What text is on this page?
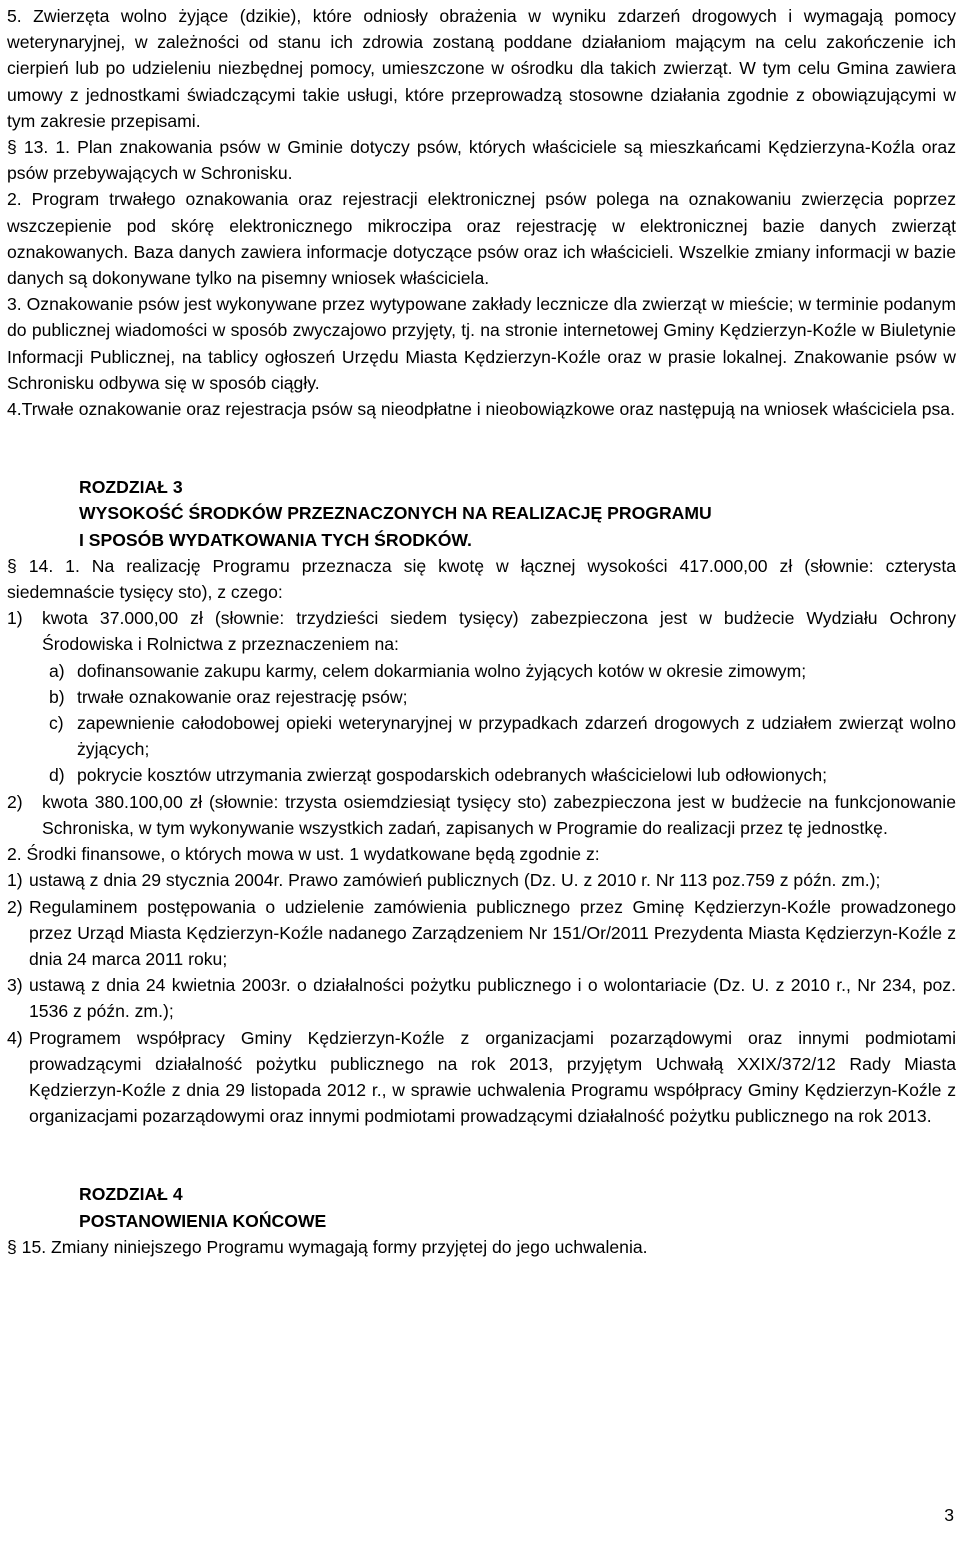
5. Zwierzęta wolno żyjące (dzikie), które odniosły obrażenia w wyniku zdarzeń drogowych i wymagają pomocy weterynaryjnej, w zależności od stanu ich zdrowia zostaną poddane działaniom mającym na celu zakończenie ich cierpień lub po udzieleniu niezbędnej pomocy, umieszczone w ośrodku dla takich zwierząt. W tym celu Gmina zawiera umowy z jednostkami świadczącymi takie usługi, które przeprowadzą stosowne działania zgodnie z obowiązującymi w tym zakresie przepisami.

§ 13. 1. Plan znakowania psów w Gminie dotyczy psów, których właściciele są mieszkańcami Kędzierzyna-Koźla oraz psów przebywających w Schronisku.

2. Program trwałego oznakowania oraz rejestracji elektronicznej psów polega na oznakowaniu zwierzęcia poprzez wszczepienie pod skórę elektronicznego mikroczipa oraz rejestrację w elektronicznej bazie danych zwierząt oznakowanych. Baza danych zawiera informacje dotyczące psów oraz ich właścicieli. Wszelkie zmiany informacji w bazie danych są dokonywane tylko na pisemny wniosek właściciela.

3. Oznakowanie psów jest wykonywane przez wytypowane zakłady lecznicze dla zwierząt w mieście; w terminie podanym do publicznej wiadomości w sposób zwyczajowo przyjęty, tj. na stronie internetowej Gminy Kędzierzyn-Koźle w Biuletynie Informacji Publicznej, na tablicy ogłoszeń Urzędu Miasta Kędzierzyn-Koźle oraz w prasie lokalnej. Znakowanie psów w Schronisku odbywa się w sposób ciągły.

4.Trwałe oznakowanie oraz rejestracja psów są nieodpłatne i nieobowiązkowe oraz następują na wniosek właściciela psa.

ROZDZIAŁ 3
WYSOKOŚĆ ŚRODKÓW PRZEZNACZONYCH NA REALIZACJĘ PROGRAMU
I SPOSÓB WYDATKOWANIA TYCH ŚRODKÓW.

§ 14. 1. Na realizację Programu przeznacza się kwotę w łącznej wysokości 417.000,00 zł (słownie: czterysta siedemnaście tysięcy sto), z czego:

1) kwota 37.000,00 zł (słownie: trzydzieści siedem tysięcy) zabezpieczona jest w budżecie Wydziału Ochrony Środowiska i Rolnictwa z przeznaczeniem na:
a) dofinansowanie zakupu karmy, celem dokarmiania wolno żyjących kotów w okresie zimowym;
b) trwałe oznakowanie oraz rejestrację psów;
c) zapewnienie całodobowej opieki weterynaryjnej w przypadkach zdarzeń drogowych z udziałem zwierząt wolno żyjących;
d) pokrycie kosztów utrzymania zwierząt gospodarskich odebranych właścicielowi lub odłowionych;
2) kwota 380.100,00 zł (słownie: trzysta osiemdziesiąt tysięcy sto) zabezpieczona jest w budżecie na funkcjonowanie Schroniska, w tym wykonywanie wszystkich zadań, zapisanych w Programie do realizacji przez tę jednostkę.

2. Środki finansowe, o których mowa w ust. 1 wydatkowane będą zgodnie z:

1) ustawą z dnia 29 stycznia 2004r. Prawo zamówień publicznych (Dz. U. z 2010 r. Nr 113 poz.759 z późn. zm.);
2) Regulaminem postępowania o udzielenie zamówienia publicznego przez Gminę Kędzierzyn-Koźle prowadzonego przez Urząd Miasta Kędzierzyn-Koźle nadanego Zarządzeniem Nr 151/Or/2011 Prezydenta Miasta Kędzierzyn-Koźle z dnia 24 marca 2011 roku;
3) ustawą z dnia 24 kwietnia 2003r. o działalności pożytku publicznego i o wolontariacie (Dz. U. z 2010 r., Nr 234, poz. 1536 z późn. zm.);
4) Programem współpracy Gminy Kędzierzyn-Koźle z organizacjami pozarządowymi oraz innymi podmiotami prowadzącymi działalność pożytku publicznego na rok 2013, przyjętym Uchwałą XXIX/372/12 Rady Miasta Kędzierzyn-Koźle z dnia 29 listopada 2012 r., w sprawie uchwalenia Programu współpracy Gminy Kędzierzyn-Koźle z organizacjami pozarządowymi oraz innymi podmiotami prowadzącymi działalność pożytku publicznego na rok 2013.
ROZDZIAŁ 4
POSTANOWIENIA KOŃCOWE

§ 15. Zmiany niniejszego Programu wymagają formy przyjętej do jego uchwalenia.

3
